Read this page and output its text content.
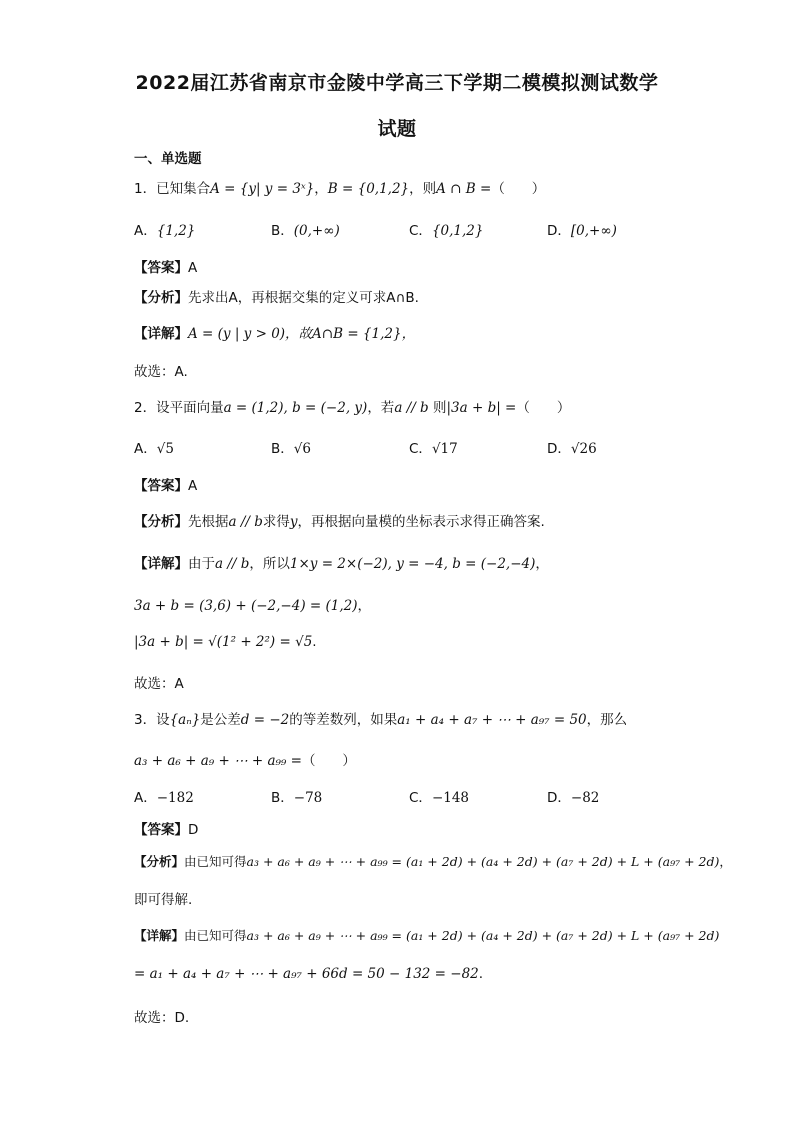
2022届江苏省南京市金陵中学高三下学期二模模拟测试数学
试题
一、单选题
1．已知集合A = {y| y = 3ˣ}，B = {0,1,2}，则A ∩ B =（　　）
A．{1,2}	B．(0,+∞)	C．{0,1,2}	D．[0,+∞)
【答案】A
【分析】先求出A，再根据交集的定义可求A∩B.
【详解】A = (y | y > 0)，故A∩B = {1,2}，
故选：A.
2．设平面向量a = (1,2), b = (−2, y)，若a // b 则|3a + b| =（　　）
A．√5	B．√6	C．√17	D．√26
【答案】A
【分析】先根据a // b求得y，再根据向量模的坐标表示求得正确答案.
【详解】由于a // b，所以1×y = 2×(−2), y = −4, b = (−2,−4)，
3a + b = (3,6) + (−2,−4) = (1,2)，
|3a + b| = √(1² + 2²) = √5.
故选：A
3．设{aₙ}是公差d = −2的等差数列，如果a₁ + a₄ + a₇ + ⋯ + a₉₇ = 50，那么
a₃ + a₆ + a₉ + ⋯ + a₉₉ =（　　）
A．−182	B．−78	C．−148	D．−82
【答案】D
【分析】由已知可得a₃ + a₆ + a₉ + ⋯ + a₉₉ = (a₁ + 2d) + (a₄ + 2d) + (a₇ + 2d) + L + (a₉₇ + 2d)，
即可得解.
【详解】由已知可得a₃ + a₆ + a₉ + ⋯ + a₉₉ = (a₁ + 2d) + (a₄ + 2d) + (a₇ + 2d) + L + (a₉₇ + 2d)
= a₁ + a₄ + a₇ + ⋯ + a₉₇ + 66d = 50 − 132 = −82.
故选：D.
